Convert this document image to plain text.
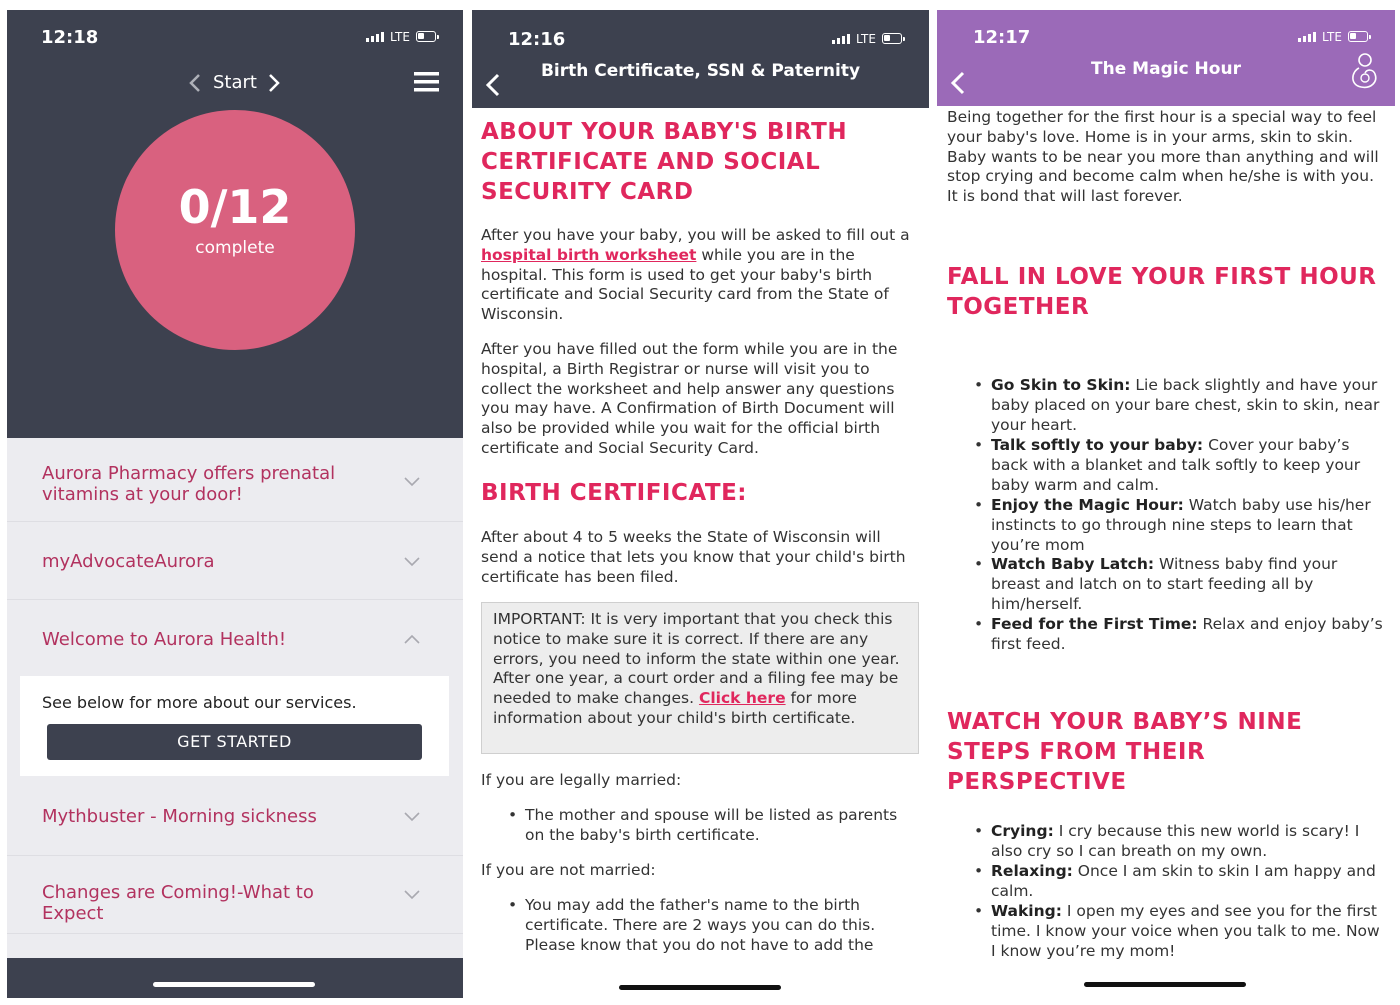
12:18	LTE
Start
0/12
complete
Aurora Pharmacy offers prenatal vitamins at your door!
myAdvocateAurora
Welcome to Aurora Health!
See below for more about our services.
GET STARTED
Mythbuster - Morning sickness
Changes are Coming!-What to Expect
12:16	LTE
Birth Certificate, SSN & Paternity
ABOUT YOUR BABY'S BIRTH CERTIFICATE AND SOCIAL SECURITY CARD
After you have your baby, you will be asked to fill out a hospital birth worksheet while you are in the hospital. This form is used to get your baby's birth certificate and Social Security card from the State of Wisconsin.
After you have filled out the form while you are in the hospital, a Birth Registrar or nurse will visit you to collect the worksheet and help answer any questions you may have. A Confirmation of Birth Document will also be provided while you wait for the official birth certificate and Social Security Card.
BIRTH CERTIFICATE:
After about 4 to 5 weeks the State of Wisconsin will send a notice that lets you know that your child's birth certificate has been filed.
IMPORTANT: It is very important that you check this notice to make sure it is correct. If there are any errors, you need to inform the state within one year. After one year, a court order and a filing fee may be needed to make changes. Click here for more information about your child's birth certificate.
If you are legally married:
• The mother and spouse will be listed as parents on the baby's birth certificate.
If you are not married:
• You may add the father's name to the birth certificate. There are 2 ways you can do this. Please know that you do not have to add the
12:17	LTE
The Magic Hour
Being together for the first hour is a special way to feel your baby's love. Home is in your arms, skin to skin. Baby wants to be near you more than anything and will stop crying and become calm when he/she is with you. It is bond that will last forever.
FALL IN LOVE YOUR FIRST HOUR TOGETHER
• Go Skin to Skin: Lie back slightly and have your baby placed on your bare chest, skin to skin, near your heart.
• Talk softly to your baby: Cover your baby’s back with a blanket and talk softly to keep your baby warm and calm.
• Enjoy the Magic Hour: Watch baby use his/her instincts to go through nine steps to learn that you’re mom
• Watch Baby Latch: Witness baby find your breast and latch on to start feeding all by him/herself.
• Feed for the First Time: Relax and enjoy baby’s first feed.
WATCH YOUR BABY’S NINE STEPS FROM THEIR PERSPECTIVE
• Crying: I cry because this new world is scary! I also cry so I can breath on my own.
• Relaxing: Once I am skin to skin I am happy and calm.
• Waking: I open my eyes and see you for the first time. I know your voice when you talk to me. Now I know you’re my mom!
